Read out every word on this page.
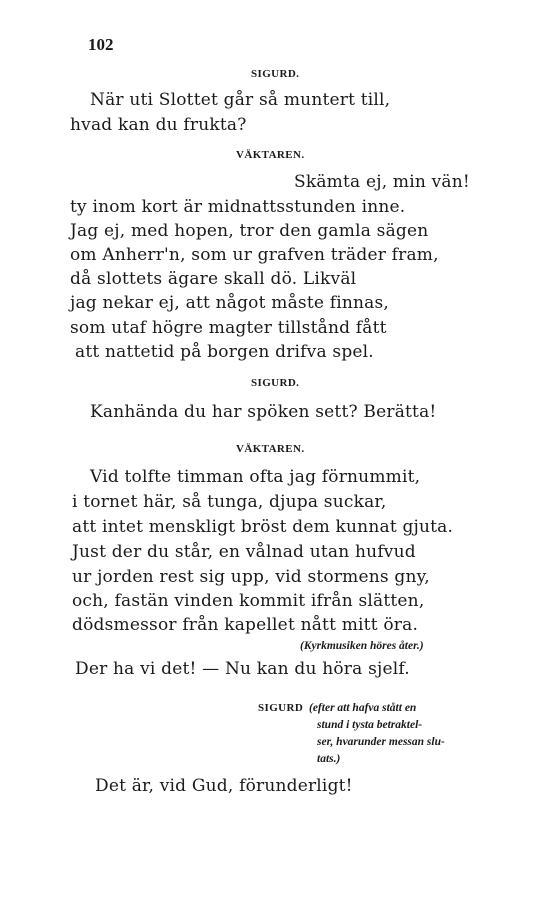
102
SIGURD.
När uti Slottet går så muntert till,
hvad kan du frukta?
VÄKTAREN.
Skämta ej, min vän!
ty inom kort är midnattsstunden inne.
Jag ej, med hopen, tror den gamla sägen
om Anherr'n, som ur grafven träder fram,
då slottets ägare skall dö. Likväl
jag nekar ej, att något måste finnas,
som utaf högre magter tillstånd fått
att nattetid på borgen drifva spel.
SIGURD.
Kanhända du har spöken sett? Berätta!
VÄKTAREN.
Vid tolfte timman ofta jag förnummit,
i tornet här, så tunga, djupa suckar,
att intet menskligt bröst dem kunnat gjuta.
Just der du står, en vålnad utan hufvud
ur jorden rest sig upp, vid stormens gny,
och, fastän vinden kommit ifrån slätten,
dödsmessor från kapellet nått mitt öra.
(Kyrkmusiken höres åter.)
Der ha vi det! — Nu kan du höra sjelf.
SIGURD (efter att hafva stått en
stund i tysta betraktel-
ser, hvarunder messan slu-
tats.)
Det är, vid Gud, förunderligt!
